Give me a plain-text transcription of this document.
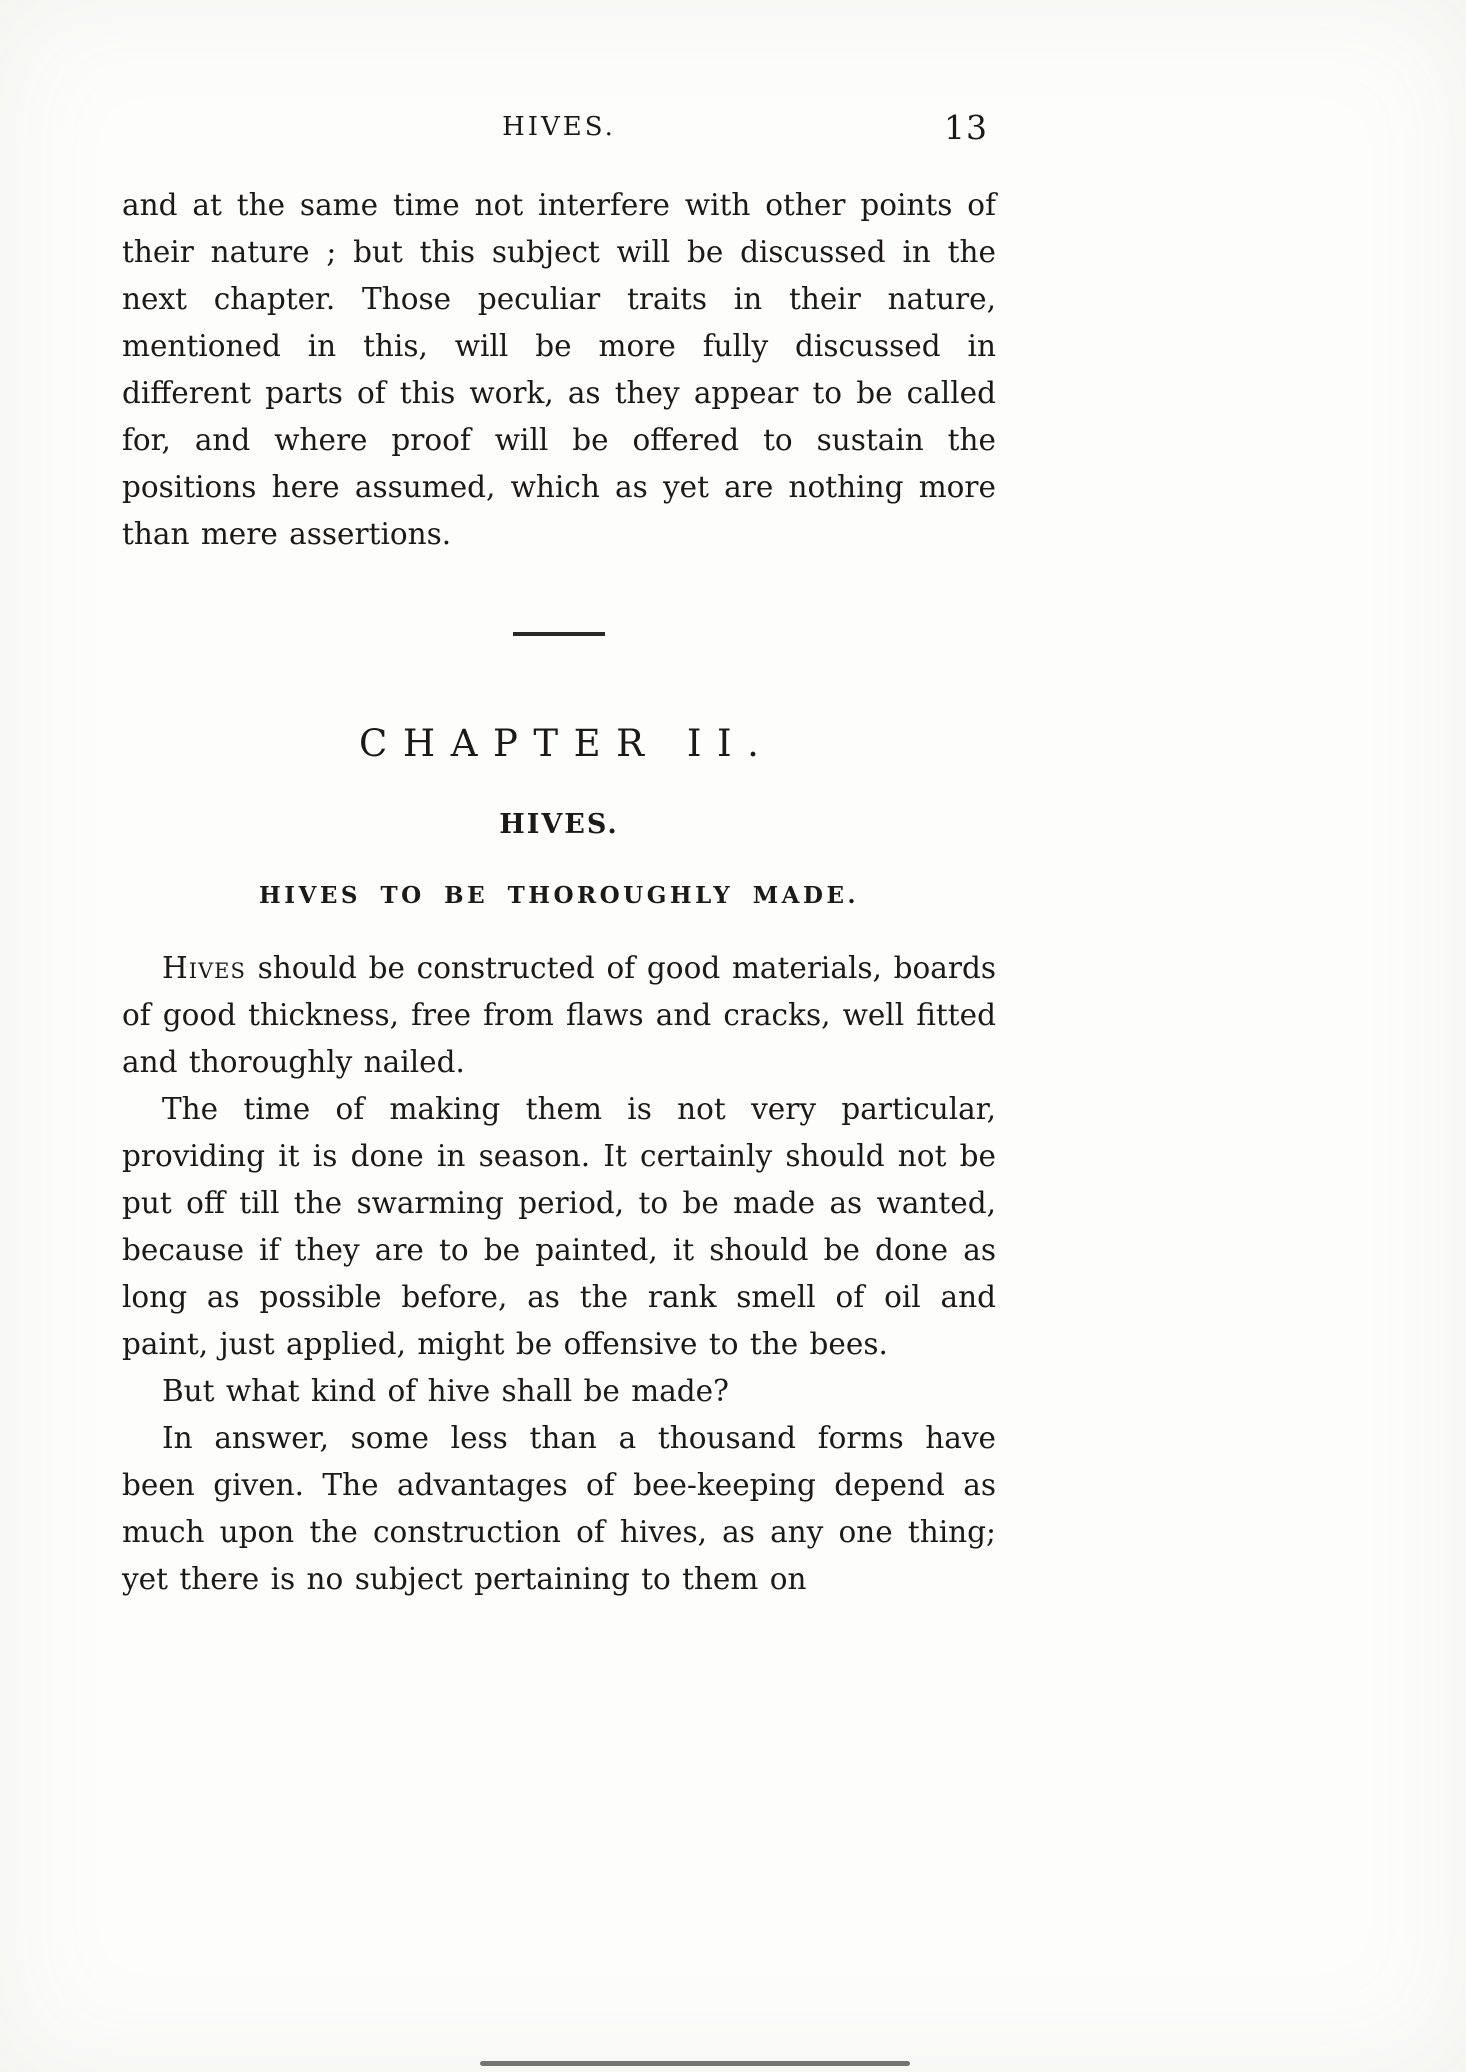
HIVES.	13

and at the same time not interfere with other points of their nature ; but this subject will be discussed in the next chapter. Those peculiar traits in their nature, mentioned in this, will be more fully discussed in different parts of this work, as they appear to be called for, and where proof will be offered to sustain the positions here assumed, which as yet are nothing more than mere assertions.

CHAPTER II.
HIVES.
HIVES TO BE THOROUGHLY MADE.

Hives should be constructed of good materials, boards of good thickness, free from flaws and cracks, well fitted and thoroughly nailed.

The time of making them is not very particular, providing it is done in season. It certainly should not be put off till the swarming period, to be made as wanted, because if they are to be painted, it should be done as long as possible before, as the rank smell of oil and paint, just applied, might be offensive to the bees.

But what kind of hive shall be made?

In answer, some less than a thousand forms have been given. The advantages of bee-keeping depend as much upon the construction of hives, as any one thing; yet there is no subject pertaining to them on
